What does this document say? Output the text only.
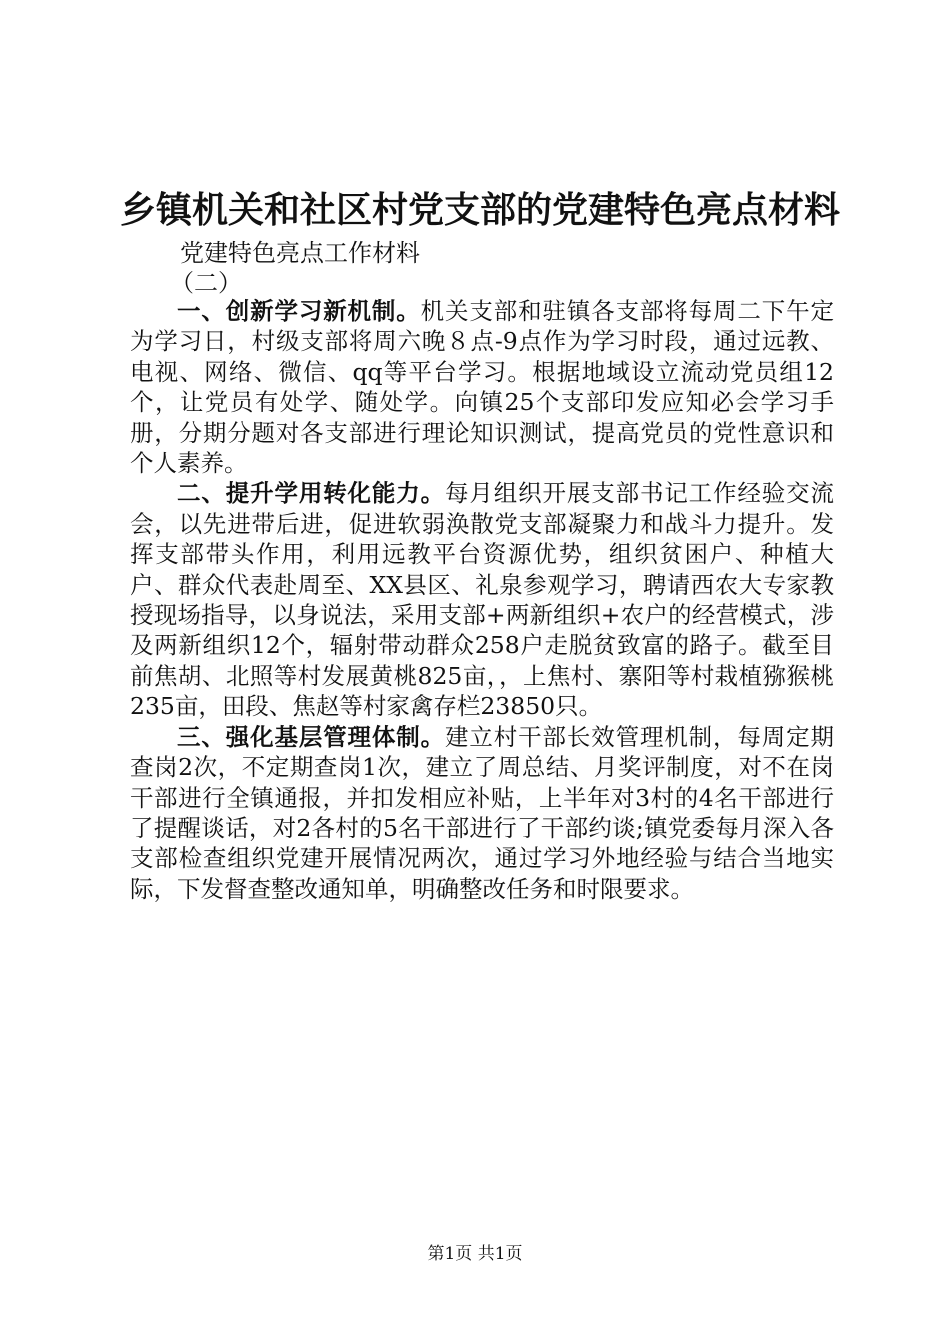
乡镇机关和社区村党支部的党建特色亮点材料
党建特色亮点工作材料
（二）

一、创新学习新机制。机关支部和驻镇各支部将每周二下午定为学习日，村级支部将周六晚８点-9点作为学习时段，通过远教、电视、网络、微信、qq等平台学习。根据地域设立流动党员组12个，让党员有处学、随处学。向镇25个支部印发应知必会学习手册，分期分题对各支部进行理论知识测试，提高党员的党性意识和个人素养。

二、提升学用转化能力。每月组织开展支部书记工作经验交流会，以先进带后进，促进软弱涣散党支部凝聚力和战斗力提升。发挥支部带头作用，利用远教平台资源优势，组织贫困户、种植大户、群众代表赴周至、XX县区、礼泉参观学习，聘请西农大专家教授现场指导，以身说法，采用支部+两新组织+农户的经营模式，涉及两新组织12个，辐射带动群众258户走脱贫致富的路子。截至目前焦胡、北照等村发展黄桃825亩，，上焦村、寨阳等村栽植猕猴桃235亩，田段、焦赵等村家禽存栏23850只。

三、强化基层管理体制。建立村干部长效管理机制，每周定期查岗2次，不定期查岗1次，建立了周总结、月奖评制度，对不在岗干部进行全镇通报，并扣发相应补贴，上半年对3村的4名干部进行了提醒谈话，对2各村的5名干部进行了干部约谈;镇党委每月深入各支部检查组织党建开展情况两次，通过学习外地经验与结合当地实际，下发督查整改通知单，明确整改任务和时限要求。

第1页 共1页
